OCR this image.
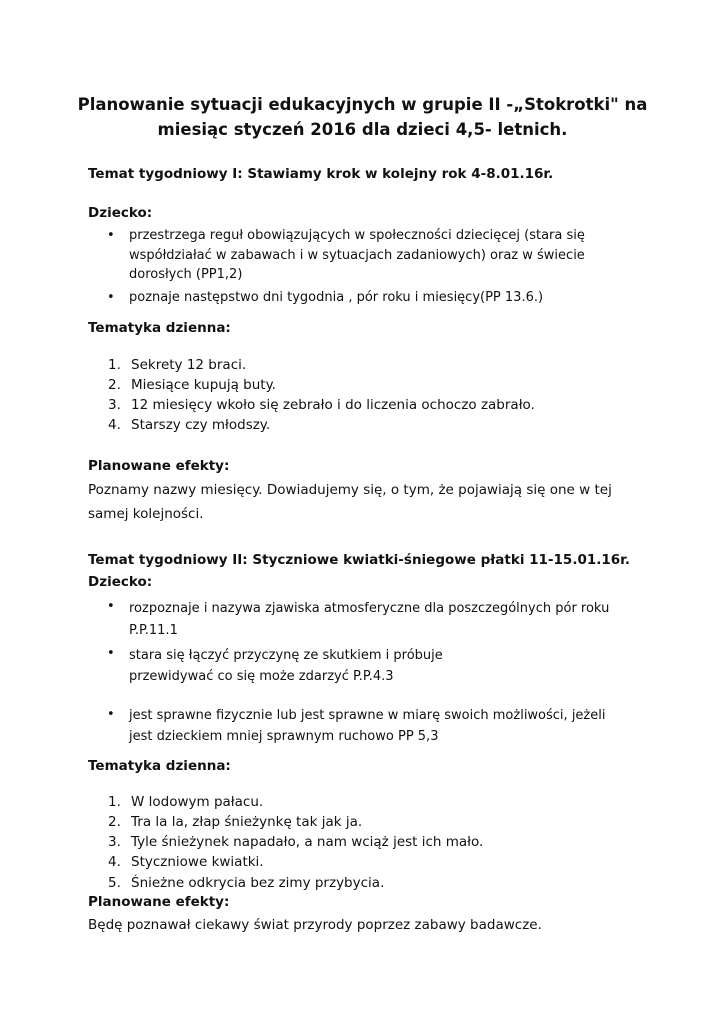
Planowanie sytuacji edukacyjnych w grupie II -„Stokrotki" na
miesiąc styczeń 2016 dla dzieci 4,5- letnich.
Temat tygodniowy I: Stawiamy krok w kolejny rok 4-8.01.16r.
Dziecko:
• przestrzega reguł obowiązujących w społeczności dziecięcej (stara się
współdziałać w zabawach i w sytuacjach zadaniowych) oraz w świecie
dorosłych (PP1,2)
• poznaje następstwo dni tygodnia , pór roku i miesięcy(PP 13.6.)
Tematyka dzienna:
1. Sekrety 12 braci.
2. Miesiące kupują buty.
3. 12 miesięcy wkoło się zebrało i do liczenia ochoczo zabrało.
4. Starszy czy młodszy.
Planowane efekty:
Poznamy nazwy miesięcy. Dowiadujemy się, o tym, że pojawiają się one w tej
samej kolejności.
Temat tygodniowy II: Styczniowe kwiatki-śniegowe płatki 11-15.01.16r.
Dziecko:
• rozpoznaje i nazywa zjawiska atmosferyczne dla poszczególnych pór roku
P.P.11.1
• stara się łączyć przyczynę ze skutkiem i próbuje
przewidywać co się może zdarzyć P.P.4.3
• jest sprawne fizycznie lub jest sprawne w miarę swoich możliwości, jeżeli
jest dzieckiem mniej sprawnym ruchowo PP 5,3
Tematyka dzienna:
1. W lodowym pałacu.
2. Tra la la, złap śnieżynkę tak jak ja.
3. Tyle śnieżynek napadało, a nam wciąż jest ich mało.
4. Styczniowe kwiatki.
5. Śnieżne odkrycia bez zimy przybycia.
Planowane efekty:
Będę poznawał ciekawy świat przyrody poprzez zabawy badawcze.
